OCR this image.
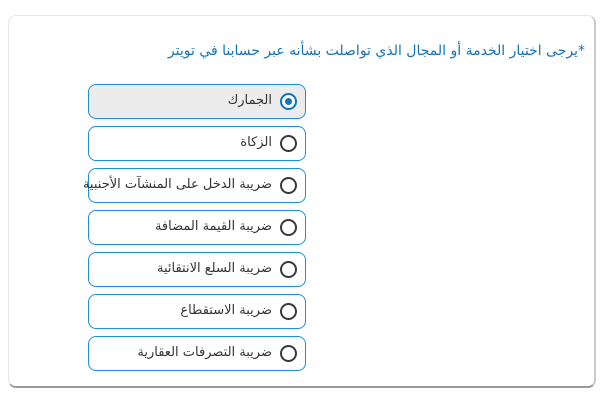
*يرجى اختيار الخدمة أو المجال الذي تواصلت بشأنه عبر حسابنا في تويتر

الجمارك
الزكاة
ضريبة الدخل على المنشآت الأجنبية
ضريبة القيمة المضافة
ضريبة السلع الانتقائية
ضريبة الاستقطاع
ضريبة التصرفات العقارية
